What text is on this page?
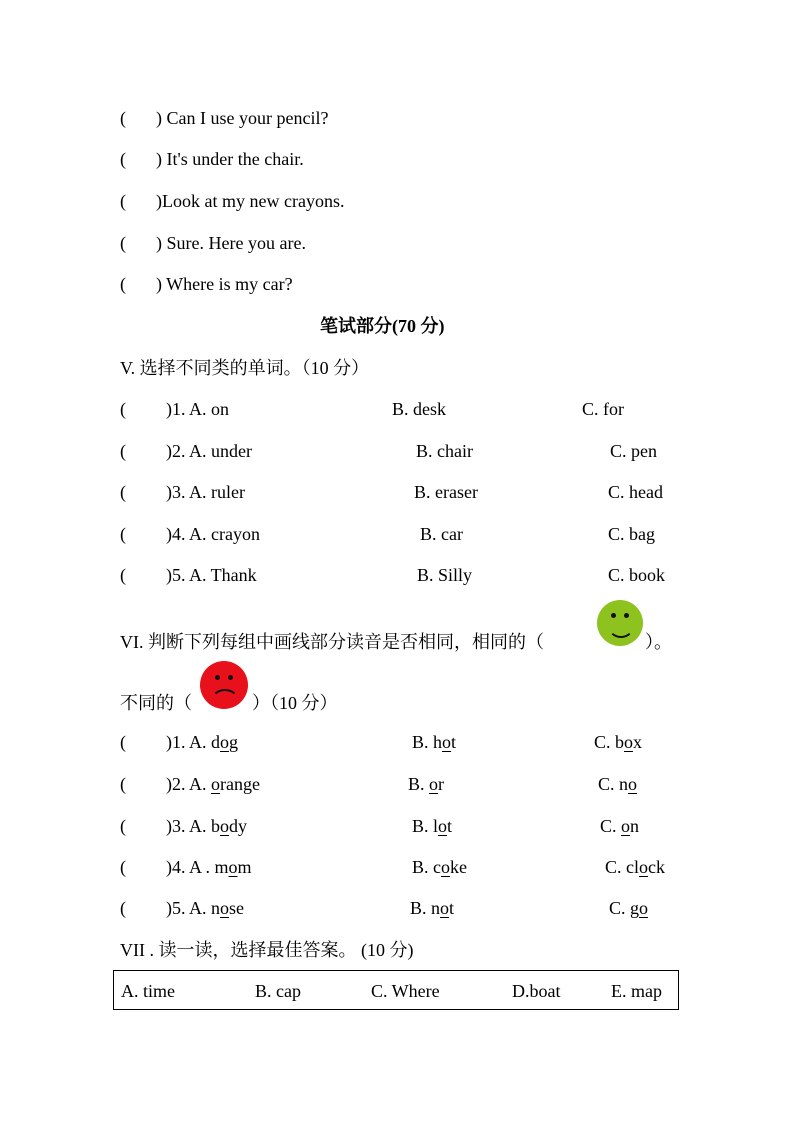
( ) Can I use your pencil?
( ) It's under the chair.
( )Look at my new crayons.
( ) Sure. Here you are.
( ) Where is my car?
笔试部分(70 分)
V. 选择不同类的单词。（10 分）
( )1. A. on	B. desk	C. for
( )2. A. under	B. chair	C. pen
( )3. A. ruler	B. eraser	C. head
( )4. A. crayon	B. car	C. bag
( )5. A. Thank	B. Silly	C. book
VI. 判断下列每组中画线部分读音是否相同，相同的（	）。
不同的（	）（10 分）
( )1. A. dog	B. hot	C. box
( )2. A. orange	B. or	C. no
( )3. A. body	B. lot	C. on
( )4. A . mom	B. coke	C. clock
( )5. A. nose	B. not	C. go
VII . 读一读，选择最佳答案。 (10 分)
A. time	B. cap	C. Where	D.boat	E. map
